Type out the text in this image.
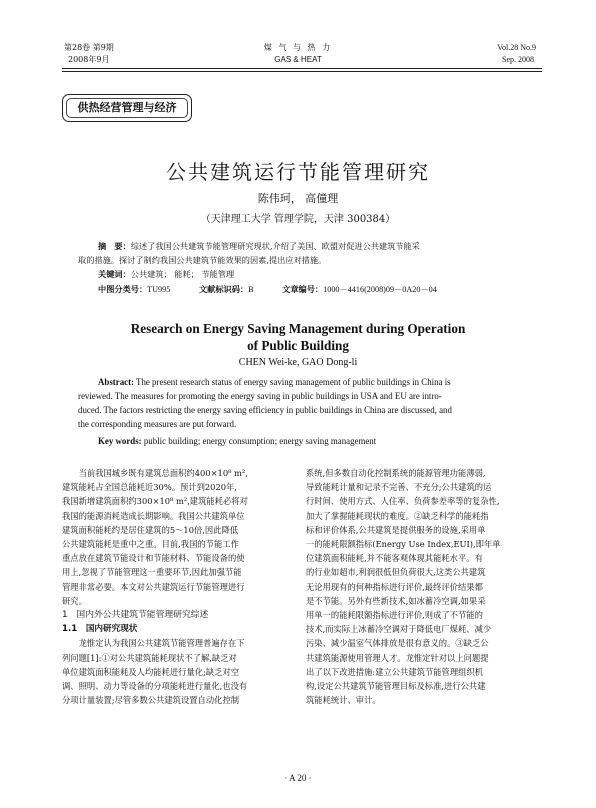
第28卷 第9期
2008年9月
煤 气 与 热 力
GAS & HEAT
Vol.28 No.9
Sep. 2008
供热经营管理与经济
公共建筑运行节能管理研究
陈伟珂， 高僮理
（天津理工大学 管理学院，天津 300384）
摘　要：综述了我国公共建筑节能管理研究现状,介绍了美国、欧盟对促进公共建筑节能采
取的措施。探讨了制约我国公共建筑节能效果的因素,提出应对措施。
关键词：公共建筑； 能耗； 节能管理
中图分类号：TU995	文献标识码：B	文章编号：1000－4416(2008)09－0A20－04
Research on Energy Saving Management during Operation
of Public Building
CHEN Wei-ke, GAO Dong-li
Abstract: The present research status of energy saving management of public buildings in China is
reviewed. The measures for promoting the energy saving in public buildings in USA and EU are intro-
duced. The factors restricting the energy saving efficiency in public buildings in China are discussed, and
the corresponding measures are put forward.
Key words: public building; energy consumption; energy saving management

当前我国城乡既有建筑总面积约400×10⁸ m²,
建筑能耗占全国总能耗近30%。预计到2020年,
我国新增建筑面积约300×10⁸ m²,建筑能耗必将对
我国的能源消耗造成长期影响。我国公共建筑单位
建筑面积能耗约是居住建筑的5～10倍,因此降低
公共建筑能耗是重中之重。目前,我国的节能工作
重点放在建筑节能设计和节能材料、节能设备的使
用上,忽视了节能管理这一重要环节,因此加强节能
管理非常必要。本文对公共建筑运行节能管理进行
研究。

1　国内外公共建筑节能管理研究综述

1.1　国内研究现状

龙惟定认为我国公共建筑节能管理普遍存在下
列问题[1]:①对公共建筑能耗现状不了解,缺乏对
单位建筑面积能耗及人均能耗进行量化;缺乏对空
调、照明、动力等设备的分项能耗进行量化,也没有
分项计量装置;尽管多数公共建筑设置自动化控制

系统,但多数自动化控制系统的能源管理功能薄弱,
导致能耗计量和记录不完善、不充分;公共建筑的运
行时间、使用方式、人住率、负荷参差率等的复杂性,
加大了掌握能耗现状的难度。②缺乏科学的能耗指
标和评价体系,公共建筑是提供服务的设施,采用单
一的能耗限额指标(Energy Use Index,EUI),即年单
位建筑面积能耗,并不能客观体现其能耗水平。有
的行业如超市,利润很低但负荷很大,这类公共建筑
无论用现有的何种指标进行评价,最终评价结果都
是不节能。另外有些新技术,如冰蓄冷空调,如果采
用单一的能耗限额指标进行评价,则成了不节能的
技术,而实际上冰蓄冷空调对于降低电厂煤耗、减少
污染、减少温室气体排放是很有意义的。③缺乏公
共建筑能源使用管理人才。龙惟定针对以上问题提
出了以下改进措施:建立公共建筑节能管理组织机
构,设定公共建筑节能管理目标及标准,进行公共建
筑能耗统计、审计。

· A 20 ·
